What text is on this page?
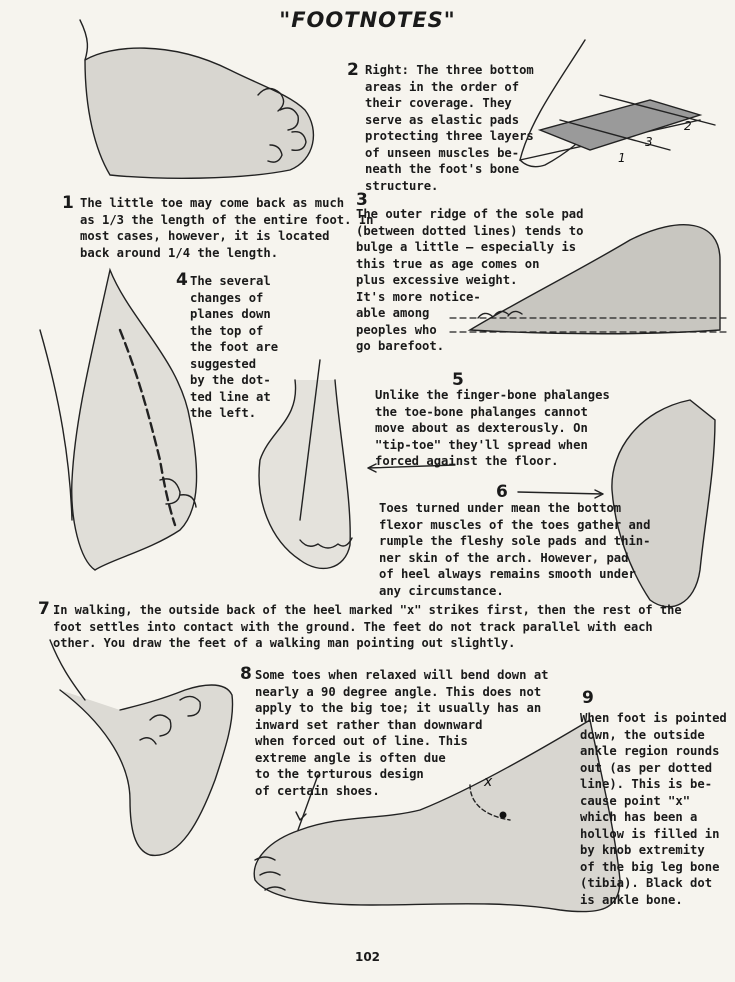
1
2
3
x
"FOOTNOTES"
1 The little toe may come back as much
as 1/3 the length of the entire foot. In
most cases, however, it is located
back around 1/4 the length.
2 Right: The three bottom
areas in the order of
their coverage. They
serve as elastic pads
protecting three layers
of unseen muscles be-
neath the foot's bone
structure.
3
The outer ridge of the sole pad
(between dotted lines) tends to
bulge a little — especially is
this true as age comes on
plus excessive weight.
It's more notice-
able among
peoples who
go barefoot.
4 The several
changes of
planes down
the top of
the foot are
suggested
by the dot-
ted line at
the left.
5
Unlike the finger-bone phalanges
the toe-bone phalanges cannot
move about as dexterously. On
"tip-toe" they'll spread when
forced against the floor.
6
Toes turned under mean the bottom
flexor muscles of the toes gather and
rumple the fleshy sole pads and thin-
ner skin of the arch. However, pad
of heel always remains smooth under
any circumstance.
7 In walking, the outside back of the heel marked "x" strikes first, then the rest of the
foot settles into contact with the ground. The feet do not track parallel with each
other. You draw the feet of a walking man pointing out slightly.
8 Some toes when relaxed will bend down at
nearly a 90 degree angle. This does not
apply to the big toe; it usually has an
inward set rather than downward
when forced out of line. This
extreme angle is often due
to the torturous design
of certain shoes.
9
When foot is pointed
down, the outside
ankle region rounds
out (as per dotted
line). This is be-
cause point "x"
which has been a
hollow is filled in
by knob extremity
of the big leg bone
(tibia). Black dot
is ankle bone.
102
